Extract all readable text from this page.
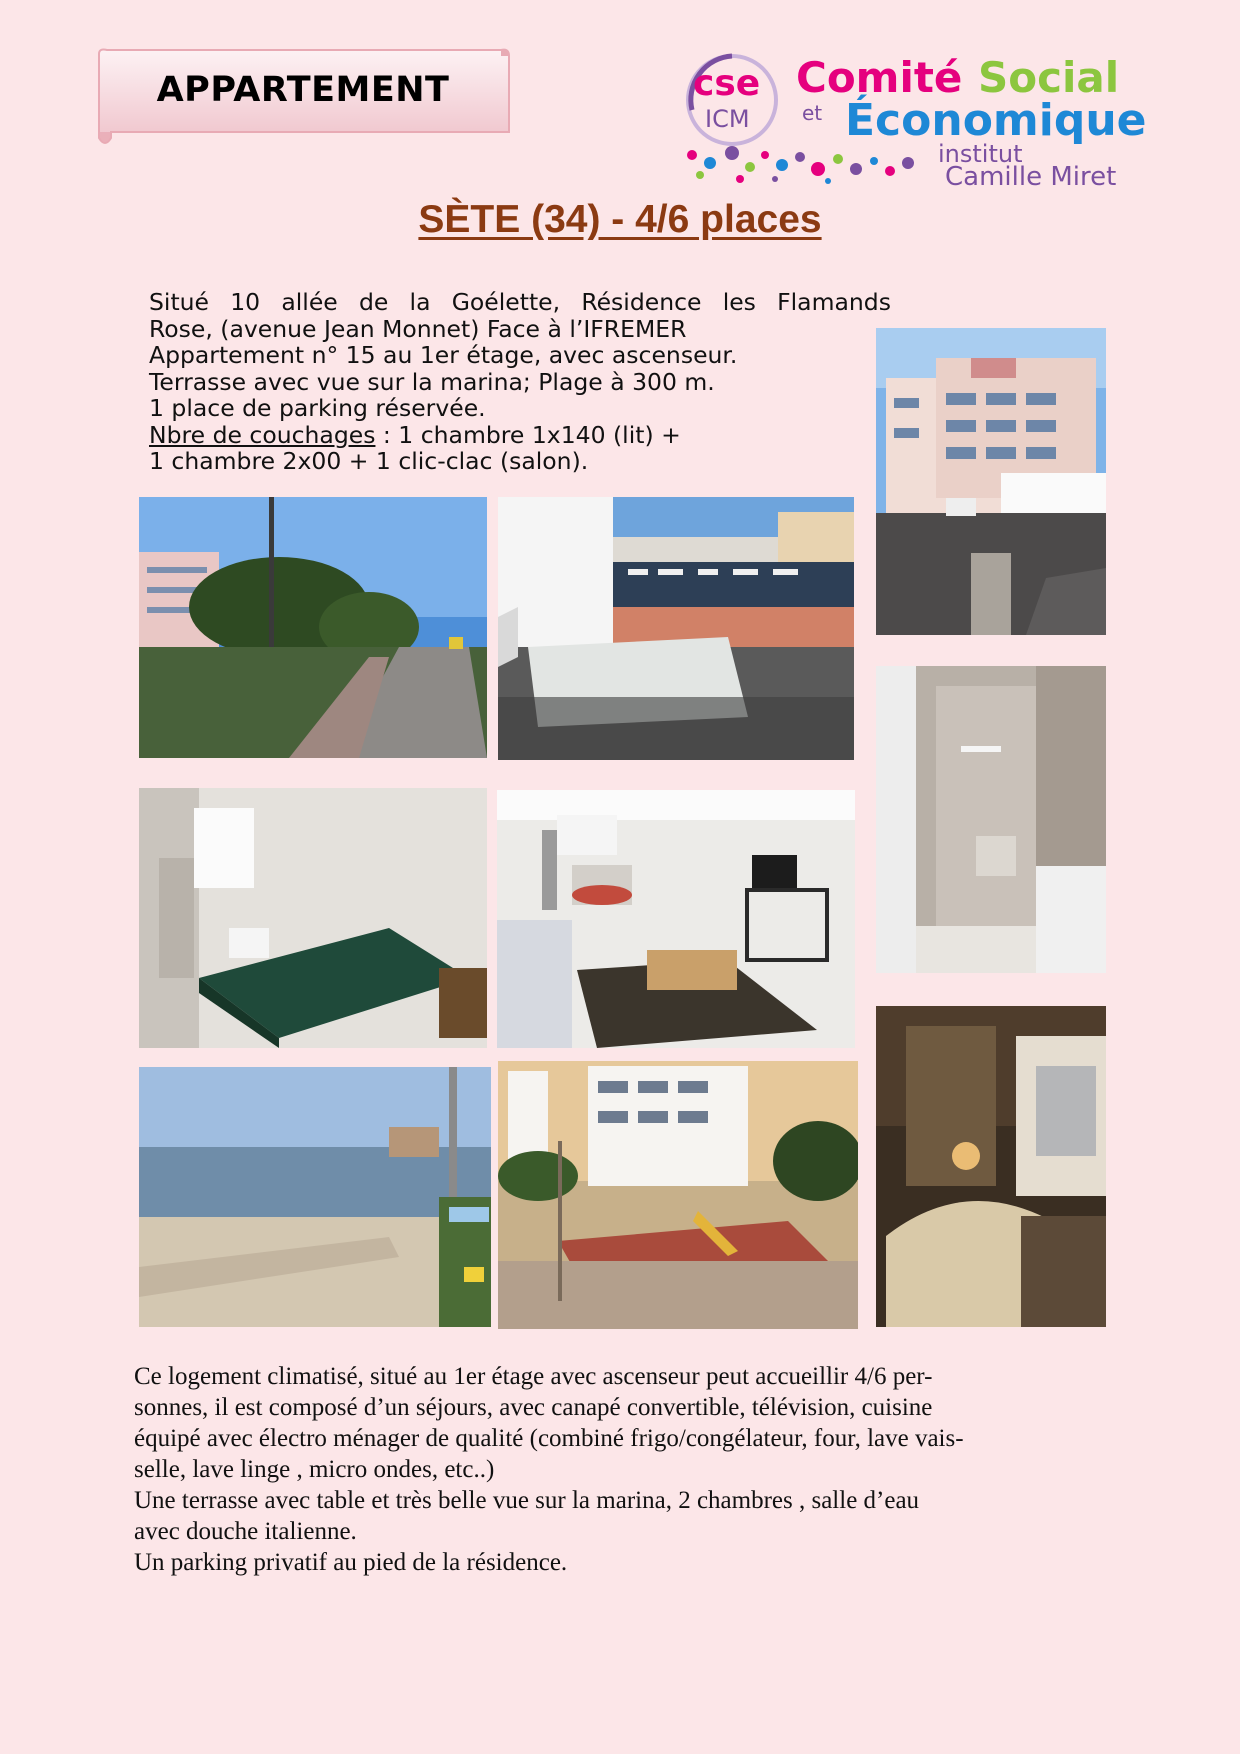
APPARTEMENT	cse
ICM
Comité Social
et Économique
institut
Camille Miret
SÈTE (34) - 4/6 places
Situé 10 allée de la Goélette, Résidence les Flamands
Rose, (avenue Jean Monnet) Face à l’IFREMER
Appartement n° 15 au 1er étage, avec ascenseur.
Terrasse avec vue sur la marina; Plage à 300 m.
1 place de parking réservée.
Nbre de couchages : 1 chambre 1x140 (lit) +
1 chambre 2x00 + 1 clic-clac (salon).

Ce logement climatisé, situé au 1er étage avec ascenseur peut accueillir 4/6 per-

sonnes, il est composé d’un séjours, avec canapé convertible, télévision, cuisine

équipé avec électro ménager de qualité (combiné frigo/congélateur, four, lave vais-

selle, lave linge , micro ondes, etc..)

Une terrasse avec table et très belle vue sur la marina, 2 chambres , salle d’eau

avec douche italienne.

Un parking privatif au pied de la résidence.
